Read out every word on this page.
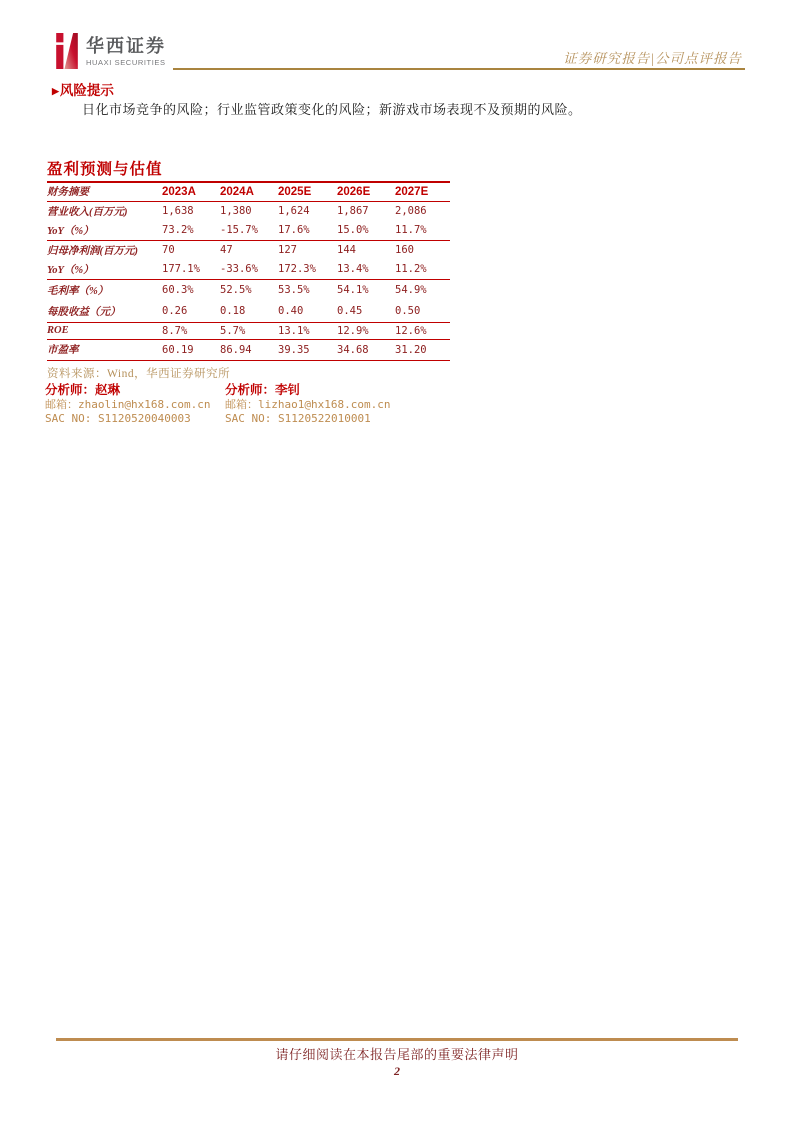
华西证券
HUAXI SECURITIES	证券研究报告|公司点评报告
▶风险提示
日化市场竞争的风险；行业监管政策变化的风险；新游戏市场表现不及预期的风险。
盈利预测与估值
财务摘要	2023A	2024A	2025E	2026E	2027E
营业收入(百万元)	1,638	1,380	1,624	1,867	2,086
YoY（%）	73.2%	-15.7%	17.6%	15.0%	11.7%
归母净利润(百万元)	70	47	127	144	160
YoY（%）	177.1%	-33.6%	172.3%	13.4%	11.2%
毛利率（%）	60.3%	52.5%	53.5%	54.1%	54.9%
每股收益（元）	0.26	0.18	0.40	0.45	0.50
ROE	8.7%	5.7%	13.1%	12.9%	12.6%
市盈率	60.19	86.94	39.35	34.68	31.20
资料来源：Wind，华西证券研究所
分析师：赵琳
邮箱：zhaolin@hx168.com.cn
SAC NO: S1120520040003
分析师：李钊
邮箱：lizhao1@hx168.com.cn
SAC NO: S1120522010001
请仔细阅读在本报告尾部的重要法律声明
2
